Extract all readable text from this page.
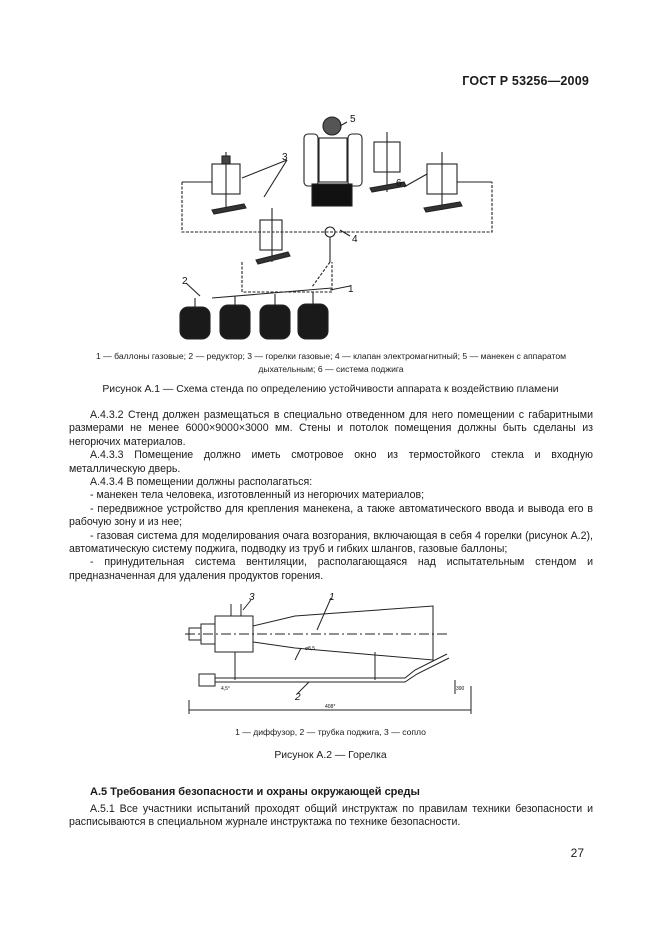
ГОСТ Р 53256—2009
1
2
3
4
5
6
1 — баллоны газовые; 2 — редуктор; 3 — горелки газовые; 4 — клапан электромагнитный; 5 — манекен с аппаратом
дыхательным; 6 — система поджига
Рисунок А.1 — Схема стенда по определению устойчивости аппарата к воздействию пламени

А.4.3.2 Стенд должен размещаться в специально отведенном для него помещении с габаритными размерами не менее 6000×9000×3000 мм. Стены и потолок помещения должны быть сделаны из негорючих материалов.

А.4.3.3 Помещение должно иметь смотровое окно из термостойкого стекла и входную металлическую дверь.

А.4.3.4 В помещении должны располагаться:

- манекен тела человека, изготовленный из негорючих материалов;

- передвижное устройство для крепления манекена, а также автоматического ввода и вывода его в рабочую зону и из нее;

- газовая система для моделирования очага возгорания, включающая в себя 4 горелки (рисунок А.2), автоматическую систему поджига, подводку из труб и гибких шлангов, газовые баллоны;

- принудительная система вентиляции, располагающаяся над испытательным стендом и предназначенная для удаления продуктов горения.

1
2
3
ø8,5
4,5°
408*
390
1 — диффузор, 2 — трубка поджига, 3 — сопло
Рисунок А.2 — Горелка
А.5 Требования безопасности и охраны окружающей среды

А.5.1 Все участники испытаний проходят общий инструктаж по правилам техники безопасности и расписываются в специальном журнале инструктажа по технике безопасности.

27
